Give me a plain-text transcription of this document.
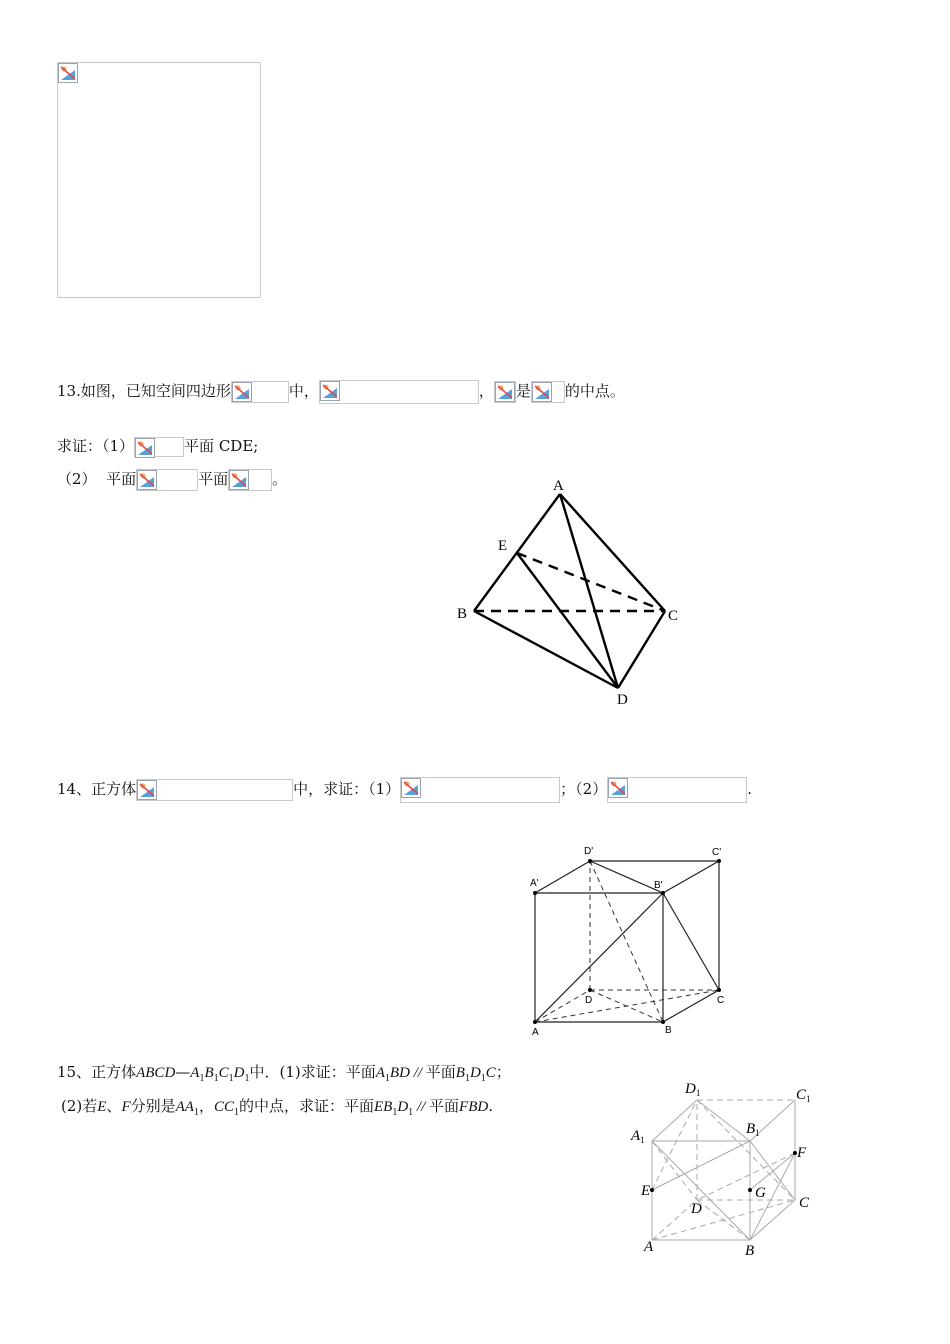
13.如图，已知空间四边形	中，	， 是 的中点。
求证：（1）	平面 CDE;
（2） 平面	平面	。	A
E
B	C
D
14、正方体	中，求证：（1）	；（2）	.
A	B
C
D
A'	B'
C'
D'
15、正方体$ABCD—A_1B_1C_1D_1$中．(1)求证：平面$A_1BD$ // 平面$B_1D_1C$；
(2)若E、F分别是$AA_1$，$CC_1$的中点，求证：平面$EB_1D_1$ // 平面FBD.
A	B
C
D
E
F
G
$A_1$
$B_1$
$C_1$
$D_1$
